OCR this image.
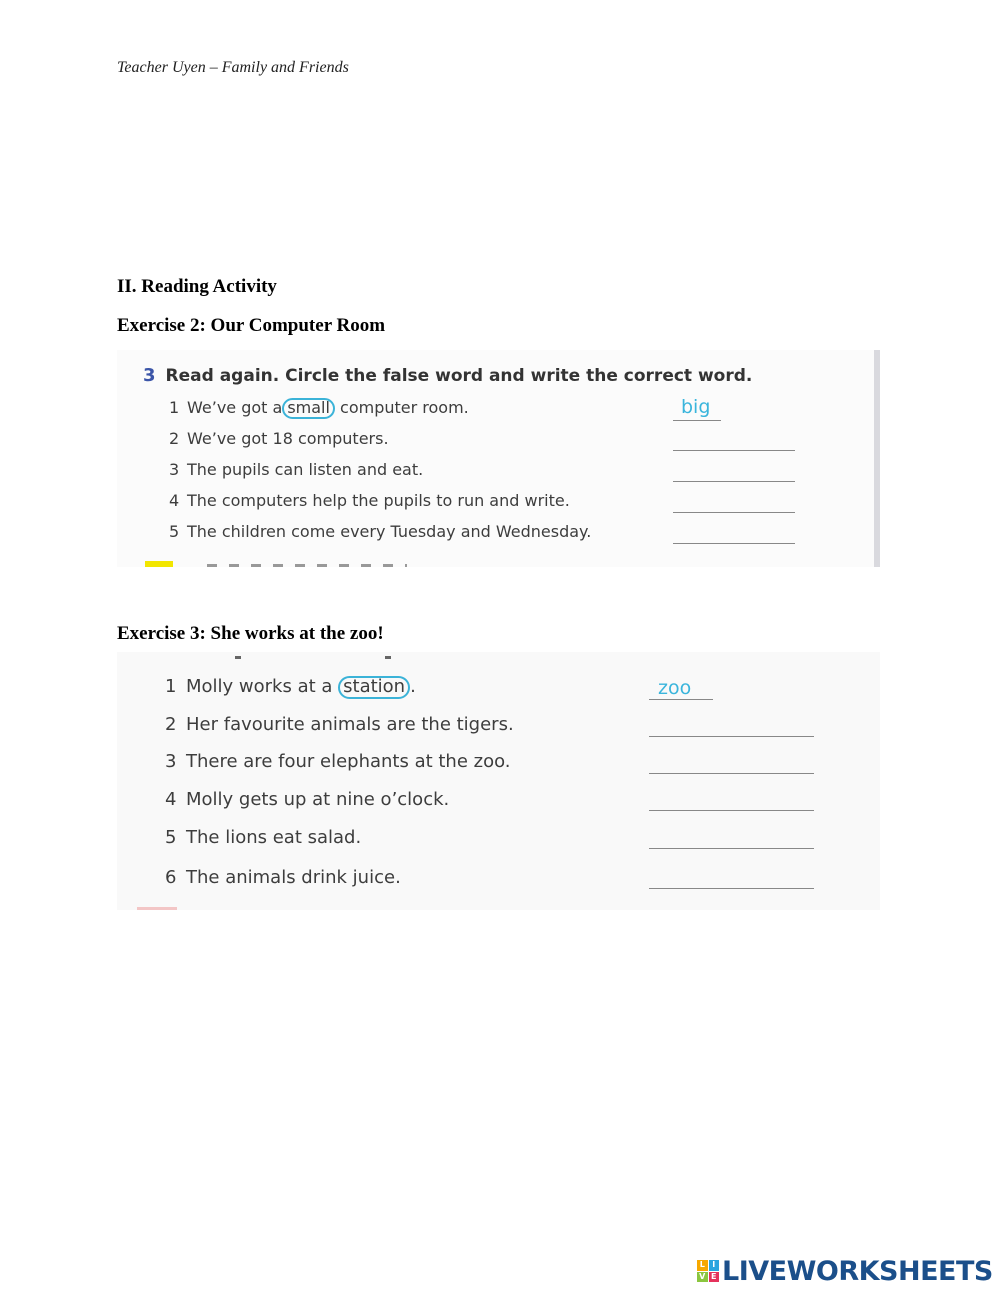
Teacher Uyen – Family and Friends
II. Reading Activity
Exercise 2: Our Computer Room
3 Read again. Circle the false word and write the correct word.
1 We’ve got a small computer room.	big
2 We’ve got 18 computers.
3 The pupils can listen and eat.
4 The computers help the pupils to run and write.
5 The children come every Tuesday and Wednesday.
Exercise 3: She works at the zoo!
1 Molly works at a station .	zoo
2 Her favourite animals are the tigers.
3 There are four elephants at the zoo.
4 Molly gets up at nine o’clock.
5 The lions eat salad.
6 The animals drink juice.
L I
V E LIVEWORKSHEETS
